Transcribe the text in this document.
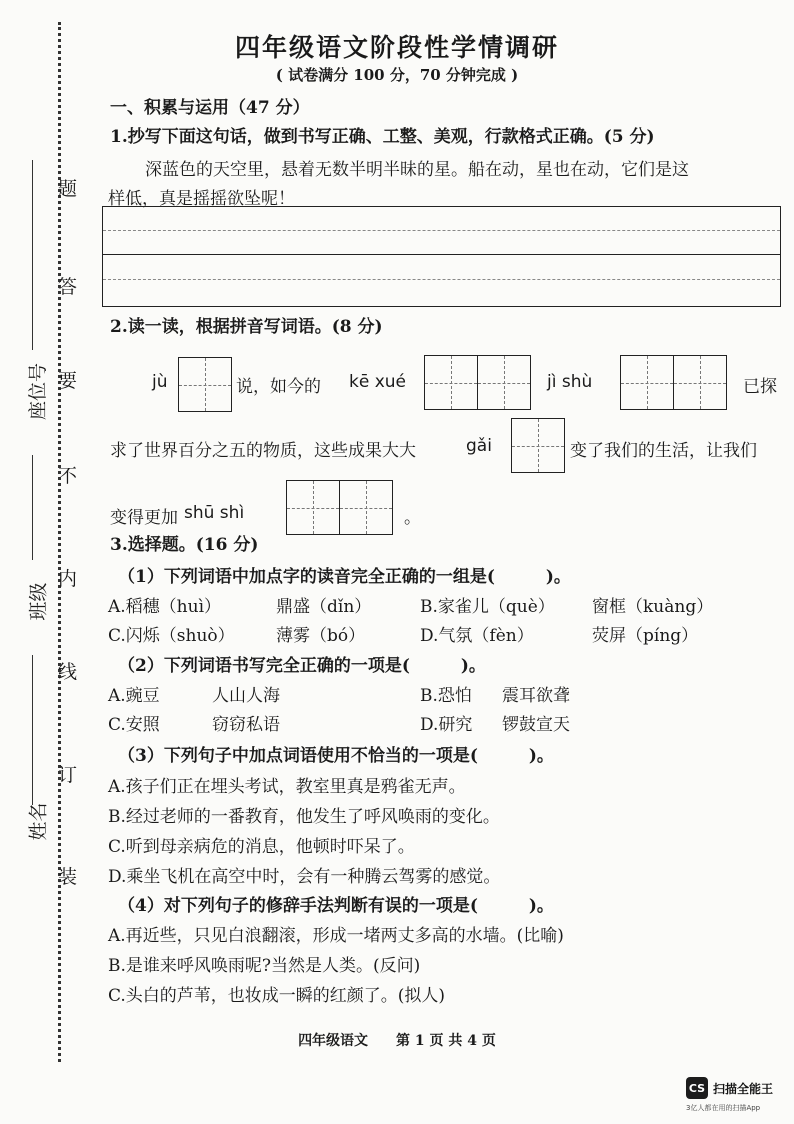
题
答
要
不
内
线
订
装
座位号
班级
姓名
四年级语文阶段性学情调研
( 试卷满分 100 分，70 分钟完成 )
一、积累与运用（47 分）
1.抄写下面这句话，做到书写正确、工整、美观，行款格式正确。(5 分)
深蓝色的天空里，悬着无数半明半昧的星。船在动，星也在动，它们是这
样低，真是摇摇欲坠呢！
2.读一读，根据拼音写词语。(8 分)
jù	说，如今的 kē xué	jì shù	已探
求了世界百分之五的物质，这些成果大大	gǎi	变了我们的生活，让我们
变得更加 shū shì	。
3.选择题。(16 分)
（1）下列词语中加点字的读音完全正确的一组是(　　　)。
A.稻穗（huì）	鼎盛（dǐn）	B.家雀儿（què） 窗框（kuàng）
C.闪烁（shuò） 薄雾（bó）	D.气氛（fèn）	荧屏（píng）
（2）下列词语书写完全正确的一项是(　　　)。
A.豌豆	人山人海	B.恐怕 震耳欲聋
C.安照	窃窃私语	D.研究 锣鼓宣天
（3）下列句子中加点词语使用不恰当的一项是(　　　)。
A.孩子们正在埋头考试，教室里真是鸦雀无声。
B.经过老师的一番教育，他发生了呼风唤雨的变化。
C.听到母亲病危的消息，他顿时吓呆了。
D.乘坐飞机在高空中时，会有一种腾云驾雾的感觉。
（4）对下列句子的修辞手法判断有误的一项是(　　　)。
A.再近些，只见白浪翻滚，形成一堵两丈多高的水墙。(比喻)
B.是谁来呼风唤雨呢?当然是人类。(反问)
C.头白的芦苇，也妆成一瞬的红颜了。(拟人)
四年级语文　　第 1 页 共 4 页
CS 扫描全能王
3亿人都在用的扫描App
